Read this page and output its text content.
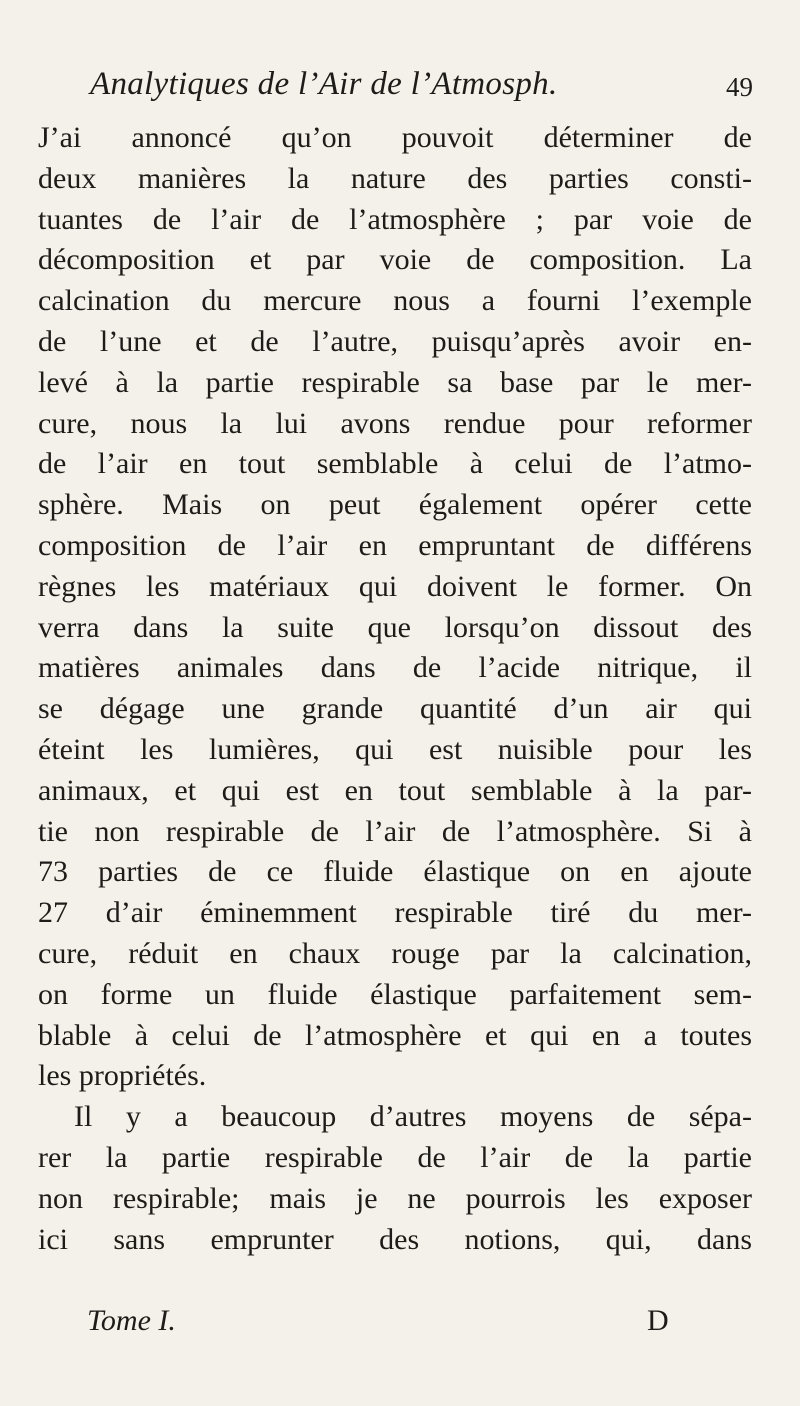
Analytiques de l’Air de l’Atmosph.	49
J’ai annoncé qu’on pouvoit déterminer de
deux manières la nature des parties consti-
tuantes de l’air de l’atmosphère ; par voie de
décomposition et par voie de composition. La
calcination du mercure nous a fourni l’exemple
de l’une et de l’autre, puisqu’après avoir en-
levé à la partie respirable sa base par le mer-
cure, nous la lui avons rendue pour reformer
de l’air en tout semblable à celui de l’atmo-
sphère. Mais on peut également opérer cette
composition de l’air en empruntant de différens
règnes les matériaux qui doivent le former. On
verra dans la suite que lorsqu’on dissout des
matières animales dans de l’acide nitrique, il
se dégage une grande quantité d’un air qui
éteint les lumières, qui est nuisible pour les
animaux, et qui est en tout semblable à la par-
tie non respirable de l’air de l’atmosphère. Si à
73 parties de ce fluide élastique on en ajoute
27 d’air éminemment respirable tiré du mer-
cure, réduit en chaux rouge par la calcination,
on forme un fluide élastique parfaitement sem-
blable à celui de l’atmosphère et qui en a toutes
les propriétés.
Il y a beaucoup d’autres moyens de sépa-
rer la partie respirable de l’air de la partie
non respirable; mais je ne pourrois les exposer
ici sans emprunter des notions, qui, dans
Tome I.	D
